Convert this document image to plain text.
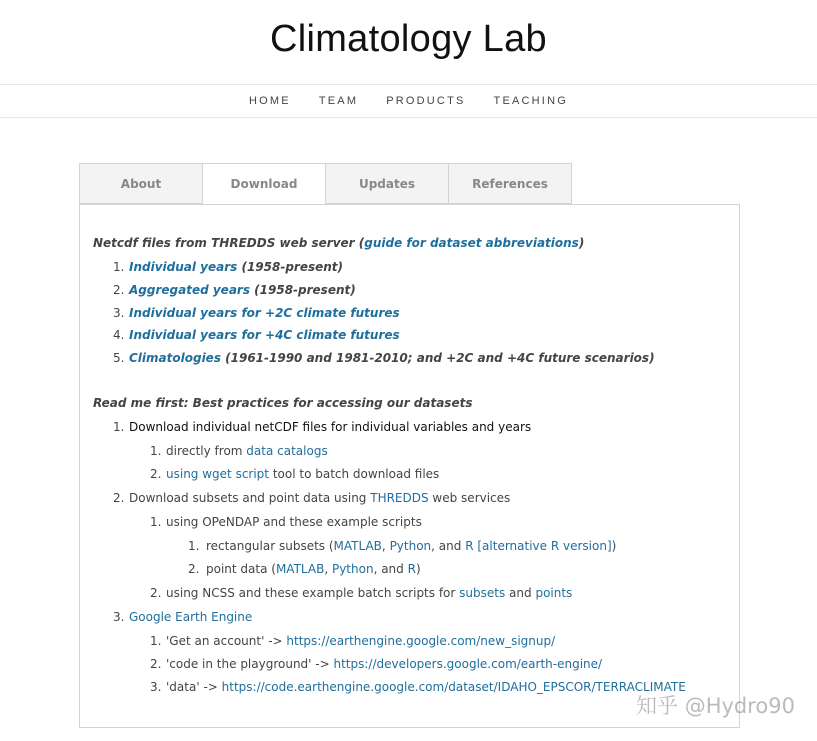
Climatology Lab
HOME	TEAM	PRODUCTS	TEACHING
About	Download	Updates	References
Netcdf files from THREDDS web server (guide for dataset abbreviations)
1. Individual years (1958-present)
2. Aggregated years (1958-present)
3. Individual years for +2C climate futures
4. Individual years for +4C climate futures
5. Climatologies (1961-1990 and 1981-2010; and +2C and +4C future scenarios)
Read me first: Best practices for accessing our datasets
1. Download individual netCDF files for individual variables and years
1. directly from data catalogs
2. using wget script tool to batch download files
2. Download subsets and point data using THREDDS web services
1. using OPeNDAP and these example scripts
1. rectangular subsets (MATLAB, Python, and R [alternative R version])
2. point data (MATLAB, Python, and R)
2. using NCSS and these example batch scripts for subsets and points
3. Google Earth Engine
1. 'Get an account' -> https://earthengine.google.com/new_signup/
2. 'code in the playground' -> https://developers.google.com/earth-engine/
3. 'data' -> https://code.earthengine.google.com/dataset/IDAHO_EPSCOR/TERRACLIMATE
知乎 @Hydro90
